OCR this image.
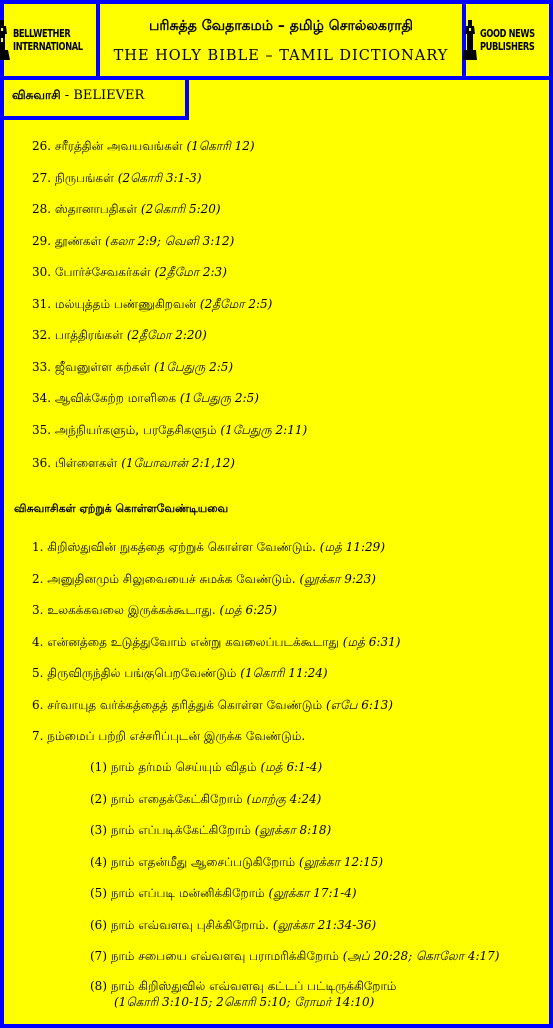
BELLWETHER
INTERNATIONAL
பரிசுத்த வேதாகமம் – தமிழ் சொல்லகராதி
THE HOLY BIBLE – TAMIL DICTIONARY
GOOD NEWS
PUBLISHERS
விசுவாசி - BELIEVER
26. சரீரத்தின் அவயவங்கள் (1கொரி 12)
27. நிருபங்கள் (2கொரி 3:1-3)
28. ஸ்தானாபதிகள் (2கொரி 5:20)
29. தூண்கள் (கலா 2:9; வெளி 3:12)
30. போர்ச்சேவகர்கள் (2தீமோ 2:3)
31. மல்யுத்தம் பண்ணுகிறவன் (2தீமோ 2:5)
32. பாத்திரங்கள் (2தீமோ 2:20)
33. ஜீவனுள்ள கற்கள் (1பேதுரு 2:5)
34. ஆவிக்கேற்ற மாளிகை (1பேதுரு 2:5)
35. அந்நியர்களும், பரதேசிகளும் (1பேதுரு 2:11)
36. பிள்ளைகள் (1யோவான் 2:1,12)
விசுவாசிகள் ஏற்றுக் கொள்ளவேண்டியவை
1. கிறிஸ்துவின் நுகத்தை ஏற்றுக் கொள்ள வேண்டும். (மத் 11:29)
2. அனுதினமும் சிலுவையைச் சுமக்க வேண்டும். (லூக்கா 9:23)
3. உலகக்கவலை இருக்கக்கூடாது. (மத் 6:25)
4. என்னத்தை உடுத்துவோம் என்று கவலைப்படக்கூடாது (மத் 6:31)
5. திருவிருந்தில் பங்குபெறவேண்டும் (1கொரி 11:24)
6. சர்வாயுத வர்க்கத்தைத் தரித்துக் கொள்ள வேண்டும் (எபே 6:13)
7. நம்மைப் பற்றி எச்சரிப்புடன் இருக்க வேண்டும்.
(1) நாம் தர்மம் செய்யும் விதம் (மத் 6:1-4)
(2) நாம் எதைக்கேட்கிறோம் (மாற்கு 4:24)
(3) நாம் எப்படிக்கேட்கிறோம் (லூக்கா 8:18)
(4) நாம் எதன்மீது ஆசைப்படுகிறோம் (லூக்கா 12:15)
(5) நாம் எப்படி மன்னிக்கிறோம் (லூக்கா 17:1-4)
(6) நாம் எவ்வளவு புசிக்கிறோம். (லூக்கா 21:34-36)
(7) நாம் சபையை எவ்வளவு பராமரிக்கிறோம் (அப் 20:28; கொலோ 4:17)
(8) நாம் கிறிஸ்துவில் எவ்வளவு கட்டப் பட்டிருக்கிறோம்
(1கொரி 3:10-15; 2கொரி 5:10; ரோமர் 14:10)
